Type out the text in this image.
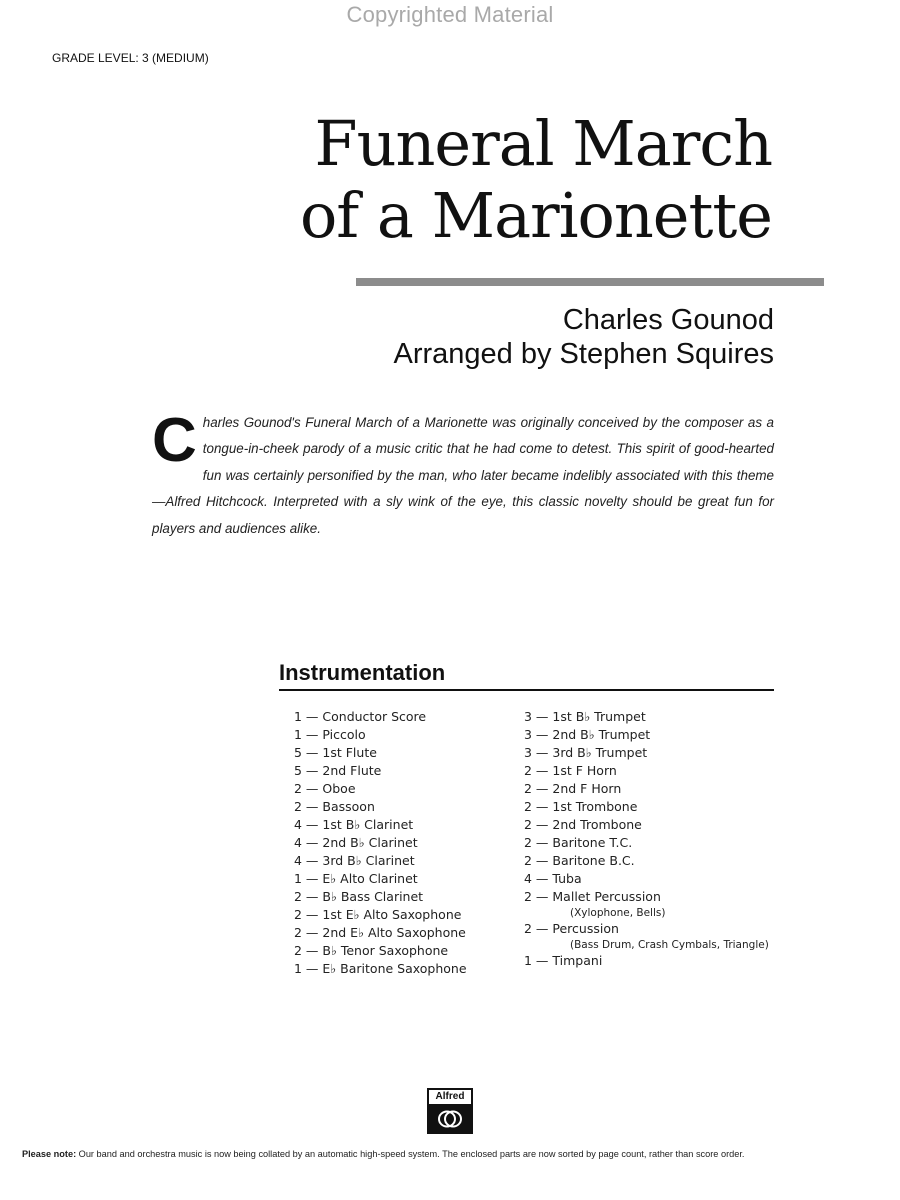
Copyrighted Material
GRADE LEVEL: 3 (MEDIUM)
Funeral March
of a Marionette
Charles Gounod
Arranged by Stephen Squires

Charles Gounod's Funeral March of a Marionette was originally conceived by the composer as a tongue-in-cheek parody of a music critic that he had come to detest. This spirit of good-hearted fun was certainly personified by the man, who later became indelibly associated with this theme—Alfred Hitchcock. Interpreted with a sly wink of the eye, this classic novelty should be great fun for players and audiences alike.

Instrumentation
1 — Conductor Score
1 — Piccolo
5 — 1st Flute
5 — 2nd Flute
2 — Oboe
2 — Bassoon
4 — 1st B♭ Clarinet
4 — 2nd B♭ Clarinet
4 — 3rd B♭ Clarinet
1 — E♭ Alto Clarinet
2 — B♭ Bass Clarinet
2 — 1st E♭ Alto Saxophone
2 — 2nd E♭ Alto Saxophone
2 — B♭ Tenor Saxophone
1 — E♭ Baritone Saxophone
3 — 1st B♭ Trumpet
3 — 2nd B♭ Trumpet
3 — 3rd B♭ Trumpet
2 — 1st F Horn
2 — 2nd F Horn
2 — 1st Trombone
2 — 2nd Trombone
2 — Baritone T.C.
2 — Baritone B.C.
4 — Tuba
2 — Mallet Percussion
(Xylophone, Bells)
2 — Percussion
(Bass Drum, Crash Cymbals, Triangle)
1 — Timpani
Alfred
Please note: Our band and orchestra music is now being collated by an automatic high-speed system. The enclosed parts are now sorted by page count, rather than score order.
